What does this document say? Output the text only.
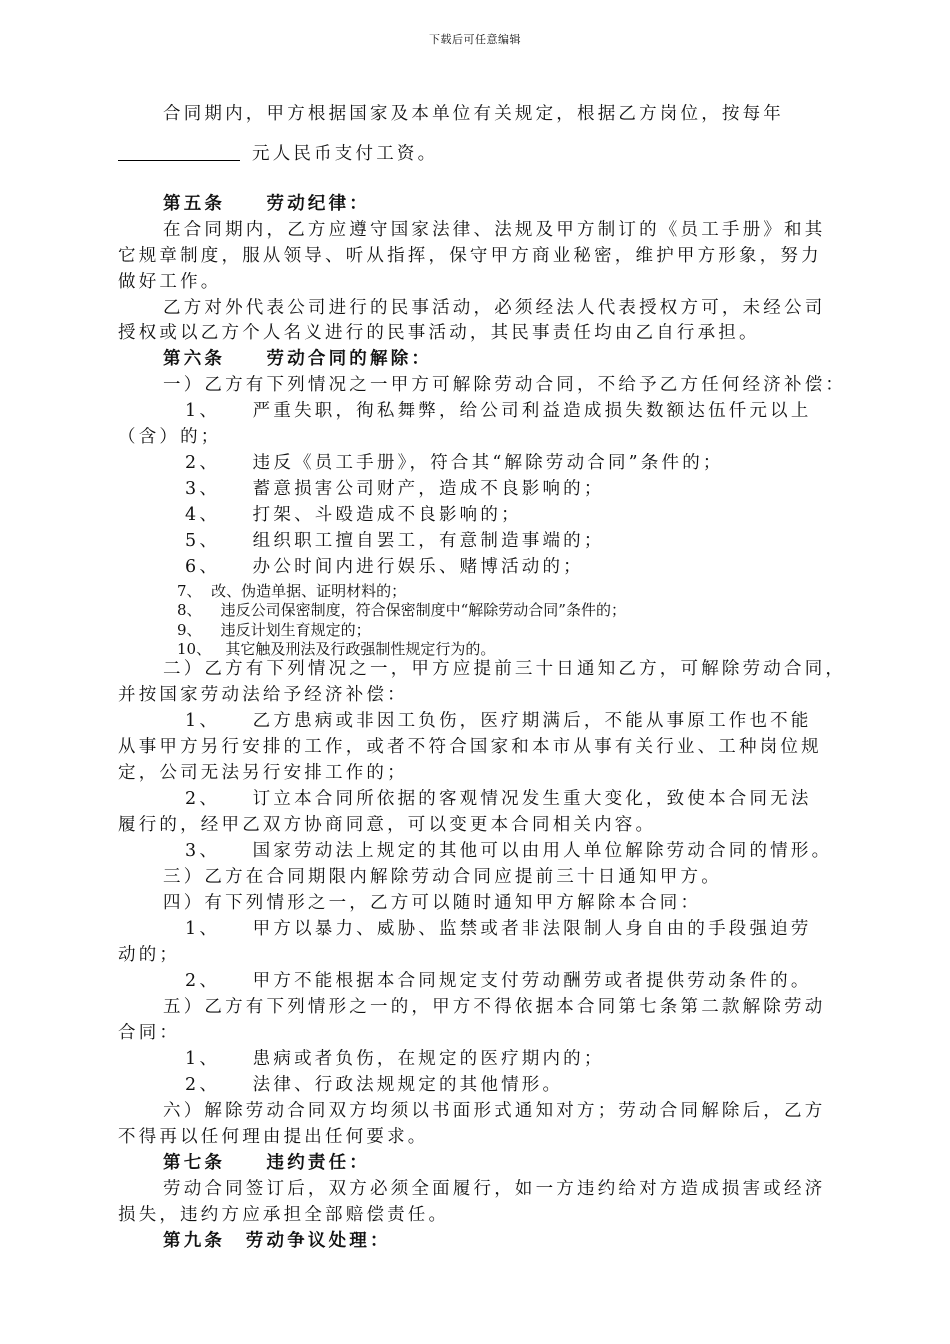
下载后可任意编辑
合同期内，甲方根据国家及本单位有关规定，根据乙方岗位，按每年
元人民币支付工资。
第五条　　劳动纪律：
在合同期内，乙方应遵守国家法律、法规及甲方制订的《员工手册》和其
它规章制度，服从领导、听从指挥，保守甲方商业秘密，维护甲方形象，努力
做好工作。
乙方对外代表公司进行的民事活动，必须经法人代表授权方可，未经公司
授权或以乙方个人名义进行的民事活动，其民事责任均由乙自行承担。
第六条　　劳动合同的解除：
一）乙方有下列情况之一甲方可解除劳动合同，不给予乙方任何经济补偿：
1、　　严重失职，徇私舞弊，给公司利益造成损失数额达伍仟元以上
（含）的；
2、　　违反《员工手册》，符合其“解除劳动合同”条件的；
3、　　蓄意损害公司财产，造成不良影响的；
4、　　打架、斗殴造成不良影响的；
5、　　组织职工擅自罢工，有意制造事端的；
6、　　办公时间内进行娱乐、赌博活动的；
7、  改、伪造单据、证明材料的；
8、    违反公司保密制度，符合保密制度中“解除劳动合同”条件的；
9、    违反计划生育规定的；
10、   其它触及刑法及行政强制性规定行为的。
二）乙方有下列情况之一，甲方应提前三十日通知乙方，可解除劳动合同，
并按国家劳动法给予经济补偿：
1、　　乙方患病或非因工负伤，医疗期满后，不能从事原工作也不能
从事甲方另行安排的工作，或者不符合国家和本市从事有关行业、工种岗位规
定，公司无法另行安排工作的；
2、　　订立本合同所依据的客观情况发生重大变化，致使本合同无法
履行的，经甲乙双方协商同意，可以变更本合同相关内容。
3、　　国家劳动法上规定的其他可以由用人单位解除劳动合同的情形。
三）乙方在合同期限内解除劳动合同应提前三十日通知甲方。
四）有下列情形之一，乙方可以随时通知甲方解除本合同：
1、　　甲方以暴力、威胁、监禁或者非法限制人身自由的手段强迫劳
动的；
2、　　甲方不能根据本合同规定支付劳动酬劳或者提供劳动条件的。
五）乙方有下列情形之一的，甲方不得依据本合同第七条第二款解除劳动
合同：
1、　　患病或者负伤，在规定的医疗期内的；
2、　　法律、行政法规规定的其他情形。
六）解除劳动合同双方均须以书面形式通知对方；劳动合同解除后，乙方
不得再以任何理由提出任何要求。
第七条　　违约责任：
劳动合同签订后，双方必须全面履行，如一方违约给对方造成损害或经济
损失，违约方应承担全部赔偿责任。
第九条　劳动争议处理：
